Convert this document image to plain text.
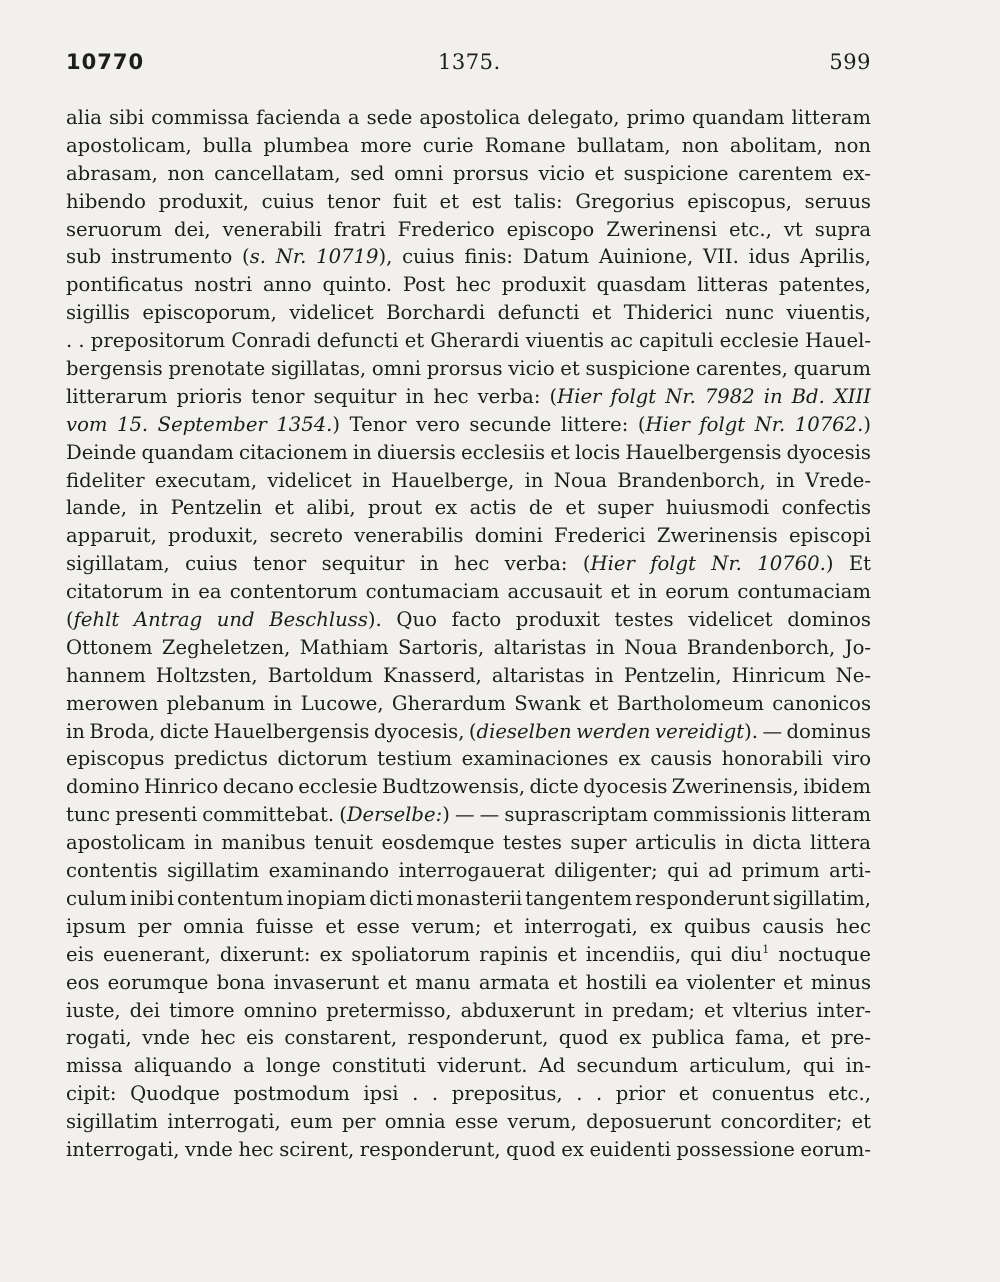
10770	1375.	599
alia sibi commissa facienda a sede apostolica delegato, primo quandam litteram
apostolicam, bulla plumbea more curie Romane bullatam, non abolitam, non
abrasam, non cancellatam, sed omni prorsus vicio et suspicione carentem ex-
hibendo produxit, cuius tenor fuit et est talis: Gregorius episcopus, seruus
seruorum dei, venerabili fratri Frederico episcopo Zwerinensi etc., vt supra
sub instrumento (s. Nr. 10719), cuius finis: Datum Auinione, VII. idus Aprilis,
pontificatus nostri anno quinto. Post hec produxit quasdam litteras patentes,
sigillis episcoporum, videlicet Borchardi defuncti et Thiderici nunc viuentis,
. . prepositorum Conradi defuncti et Gherardi viuentis ac capituli ecclesie Hauel-
bergensis prenotate sigillatas, omni prorsus vicio et suspicione carentes, quarum
litterarum prioris tenor sequitur in hec verba: (Hier folgt Nr. 7982 in Bd. XIII
vom 15. September 1354.) Tenor vero secunde littere: (Hier folgt Nr. 10762.)
Deinde quandam citacionem in diuersis ecclesiis et locis Hauelbergensis dyocesis
fideliter executam, videlicet in Hauelberge, in Noua Brandenborch, in Vrede-
lande, in Pentzelin et alibi, prout ex actis de et super huiusmodi confectis
apparuit, produxit, secreto venerabilis domini Frederici Zwerinensis episcopi
sigillatam, cuius tenor sequitur in hec verba: (Hier folgt Nr. 10760.) Et
citatorum in ea contentorum contumaciam accusauit et in eorum contumaciam
(fehlt Antrag und Beschluss). Quo facto produxit testes videlicet dominos
Ottonem Zegheletzen, Mathiam Sartoris, altaristas in Noua Brandenborch, Jo-
hannem Holtzsten, Bartoldum Knasserd, altaristas in Pentzelin, Hinricum Ne-
merowen plebanum in Lucowe, Gherardum Swank et Bartholomeum canonicos
in Broda, dicte Hauelbergensis dyocesis, (dieselben werden vereidigt). — dominus
episcopus predictus dictorum testium examinaciones ex causis honorabili viro
domino Hinrico decano ecclesie Budtzowensis, dicte dyocesis Zwerinensis, ibidem
tunc presenti committebat. (Derselbe:) — — suprascriptam commissionis litteram
apostolicam in manibus tenuit eosdemque testes super articulis in dicta littera
contentis sigillatim examinando interrogauerat diligenter; qui ad primum arti-
culum inibi contentum inopiam dicti monasterii tangentem responderunt sigillatim,
ipsum per omnia fuisse et esse verum; et interrogati, ex quibus causis hec
eis euenerant, dixerunt: ex spoliatorum rapinis et incendiis, qui diu$^1$ noctuque
eos eorumque bona invaserunt et manu armata et hostili ea violenter et minus
iuste, dei timore omnino pretermisso, abduxerunt in predam; et vlterius inter-
rogati, vnde hec eis constarent, responderunt, quod ex publica fama, et pre-
missa aliquando a longe constituti viderunt. Ad secundum articulum, qui in-
cipit: Quodque postmodum ipsi . . prepositus, . . prior et conuentus etc.,
sigillatim interrogati, eum per omnia esse verum, deposuerunt concorditer; et
interrogati, vnde hec scirent, responderunt, quod ex euidenti possessione eorum-
